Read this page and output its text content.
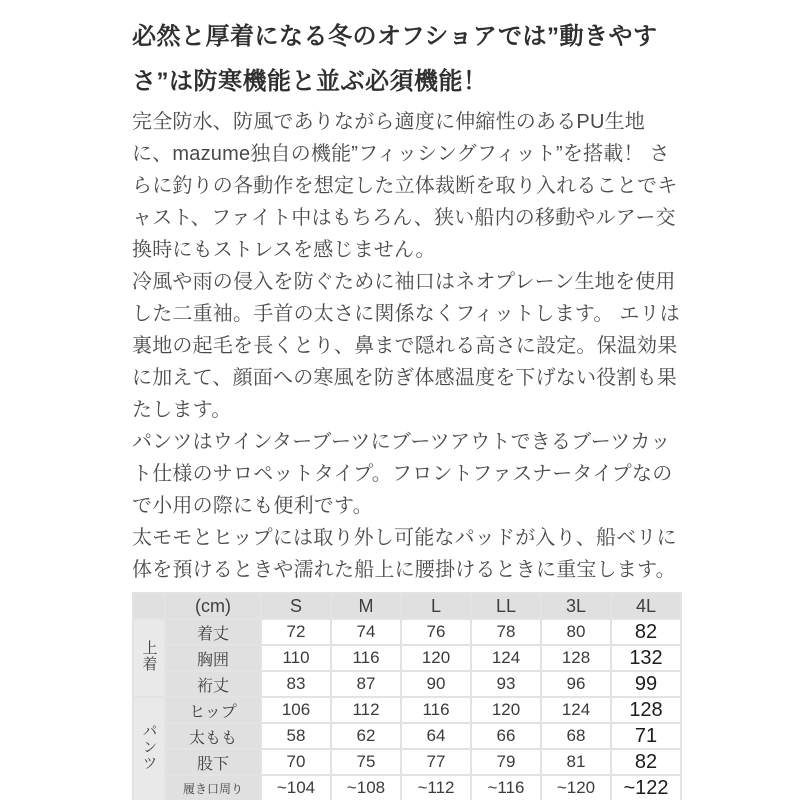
必然と厚着になる冬のオフショアでは”動きやすさ”は防寒機能と並ぶ必須機能！

完全防水、防風でありながら適度に伸縮性のあるPU生地に、mazume独自の機能”フィッシングフィット”を搭載！ さらに釣りの各動作を想定した立体裁断を取り入れることでキャスト、ファイト中はもちろん、狭い船内の移動やルアー交換時にもストレスを感じません。

冷風や雨の侵入を防ぐために袖口はネオプレーン生地を使用した二重袖。手首の太さに関係なくフィットします。 エリは裏地の起毛を長くとり、鼻まで隠れる高さに設定。保温効果に加えて、顔面への寒風を防ぎ体感温度を下げない役割も果たします。

パンツはウインターブーツにブーツアウトできるブーツカット仕様のサロペットタイプ。フロントファスナータイプなので小用の際にも便利です。

太モモとヒップには取り外し可能なパッドが入り、船ベリに体を預けるときや濡れた船上に腰掛けるときに重宝します。

	(cm)	S	M	L	LL	3L	4L
上着	着丈	72	74	76	78	80	82
	胸囲	110	116	120	124	128	132
	裄丈	83	87	90	93	96	99
パンツ	ヒップ	106	112	116	120	124	128
	太もも	58	62	64	66	68	71
	股下	70	75	77	79	81	82
	履き口周り	~104	~108	~112	~116	~120	~122
